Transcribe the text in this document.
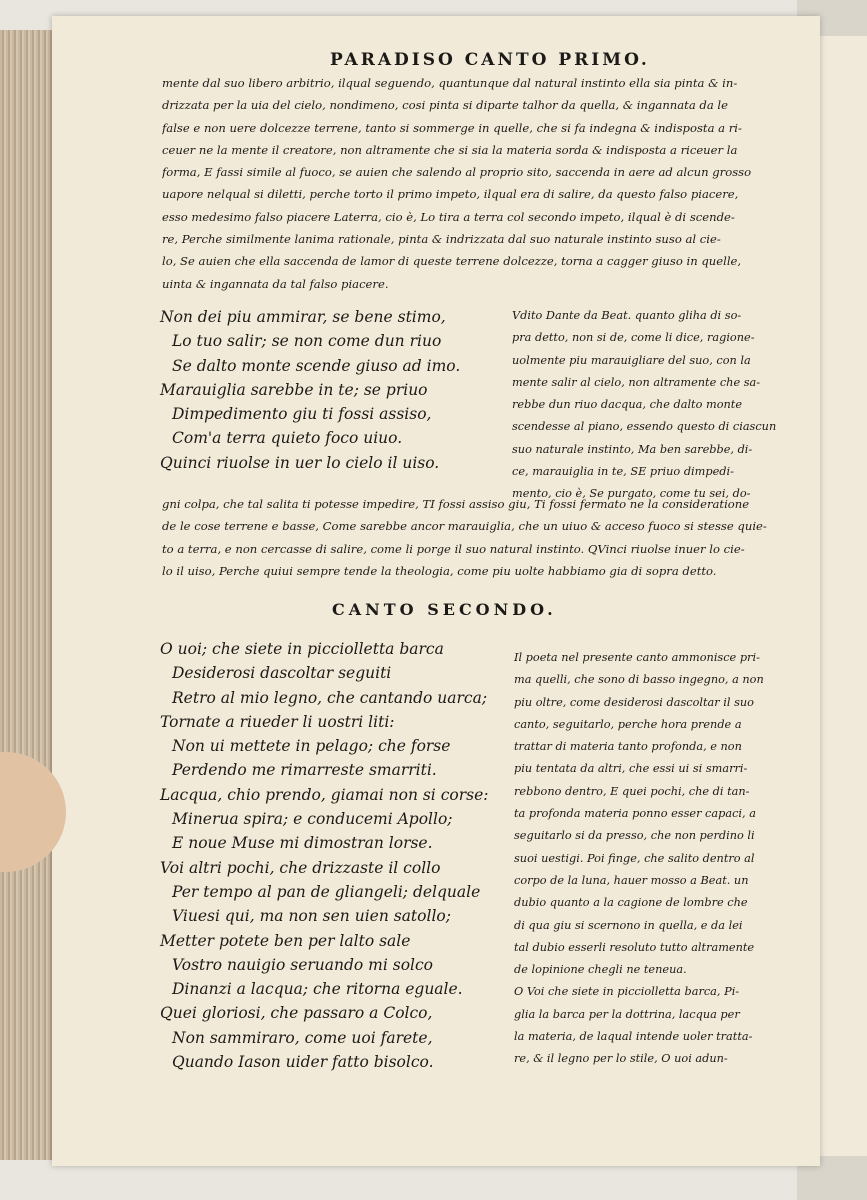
PARADISO CANTO PRIMO.
mente dal suo libero arbitrio, ilqual seguendo, quantunque dal natural instinto ella sia pinta & in-
drizzata per la uia del cielo, nondimeno, cosi pinta si diparte talhor da quella, & ingannata da le
false e non uere dolcezze terrene, tanto si sommerge in quelle, che si fa indegna & indisposta a ri-
ceuer ne la mente il creatore, non altramente che si sia la materia sorda & indisposta a riceuer la
forma, E fassi simile al fuoco, se auien che salendo al proprio sito, saccenda in aere ad alcun grosso
uapore nelqual si diletti, perche torto il primo impeto, ilqual era di salire, da questo falso piacere,
esso medesimo falso piacere Laterra, cio è, Lo tira a terra col secondo impeto, ilqual è di scende-
re, Perche similmente lanima rationale, pinta & indrizzata dal suo naturale instinto suso al cie-
lo, Se auien che ella saccenda de lamor di queste terrene dolcezze, torna a cagger giuso in quelle,
uinta & ingannata da tal falso piacere.
Non dei piu ammirar, se bene stimo,
Lo tuo salir; se non come dun riuo
Se dalto monte scende giuso ad imo.
Marauiglia sarebbe in te; se priuo
Dimpedimento giu ti fossi assiso,
Com'a terra quieto foco uiuo.
Quinci riuolse in uer lo cielo il uiso.
Vdito Dante da Beat. quanto gliha di so-
pra detto, non si de, come li dice, ragione-
uolmente piu marauigliare del suo, con la
mente salir al cielo, non altramente che sa-
rebbe dun riuo dacqua, che dalto monte
scendesse al piano, essendo questo di ciascun
suo naturale instinto, Ma ben sarebbe, di-
ce, marauiglia in te, SE priuo dimpedi-
mento, cio è, Se purgato, come tu sei, do-
gni colpa, che tal salita ti potesse impedire, TI fossi assiso giu, Ti fossi fermato ne la consideratione
de le cose terrene e basse, Come sarebbe ancor marauiglia, che un uiuo & acceso fuoco si stesse quie-
to a terra, e non cercasse di salire, come li porge il suo natural instinto. QVinci riuolse inuer lo cie-
lo il uiso, Perche quiui sempre tende la theologia, come piu uolte habbiamo gia di sopra detto.
CANTO SECONDO.
O uoi; che siete in picciolletta barca
Desiderosi dascoltar seguiti
Retro al mio legno, che cantando uarca;
Tornate a riueder li uostri liti:
Non ui mettete in pelago; che forse
Perdendo me rimarreste smarriti.
Lacqua, chio prendo, giamai non si corse:
Minerua spira; e conducemi Apollo;
E noue Muse mi dimostran lorse.
Voi altri pochi, che drizzaste il collo
Per tempo al pan de gliangeli; delquale
Viuesi qui, ma non sen uien satollo;
Metter potete ben per lalto sale
Vostro nauigio seruando mi solco
Dinanzi a lacqua; che ritorna eguale.
Quei gloriosi, che passaro a Colco,
Non sammiraro, come uoi farete,
Quando Iason uider fatto bisolco.
Il poeta nel presente canto ammonisce pri-
ma quelli, che sono di basso ingegno, a non
piu oltre, come desiderosi dascoltar il suo
canto, seguitarlo, perche hora prende a
trattar di materia tanto profonda, e non
piu tentata da altri, che essi ui si smarri-
rebbono dentro, E quei pochi, che di tan-
ta profonda materia ponno esser capaci, a
seguitarlo si da presso, che non perdino li
suoi uestigi. Poi finge, che salito dentro al
corpo de la luna, hauer mosso a Beat. un
dubio quanto a la cagione de lombre che
di qua giu si scernono in quella, e da lei
tal dubio esserli resoluto tutto altramente
de lopinione chegli ne teneua.
O Voi che siete in picciolletta barca, Pi-
glia la barca per la dottrina, lacqua per
la materia, de laqual intende uoler tratta-
re, & il legno per lo stile, O uoi adun-
